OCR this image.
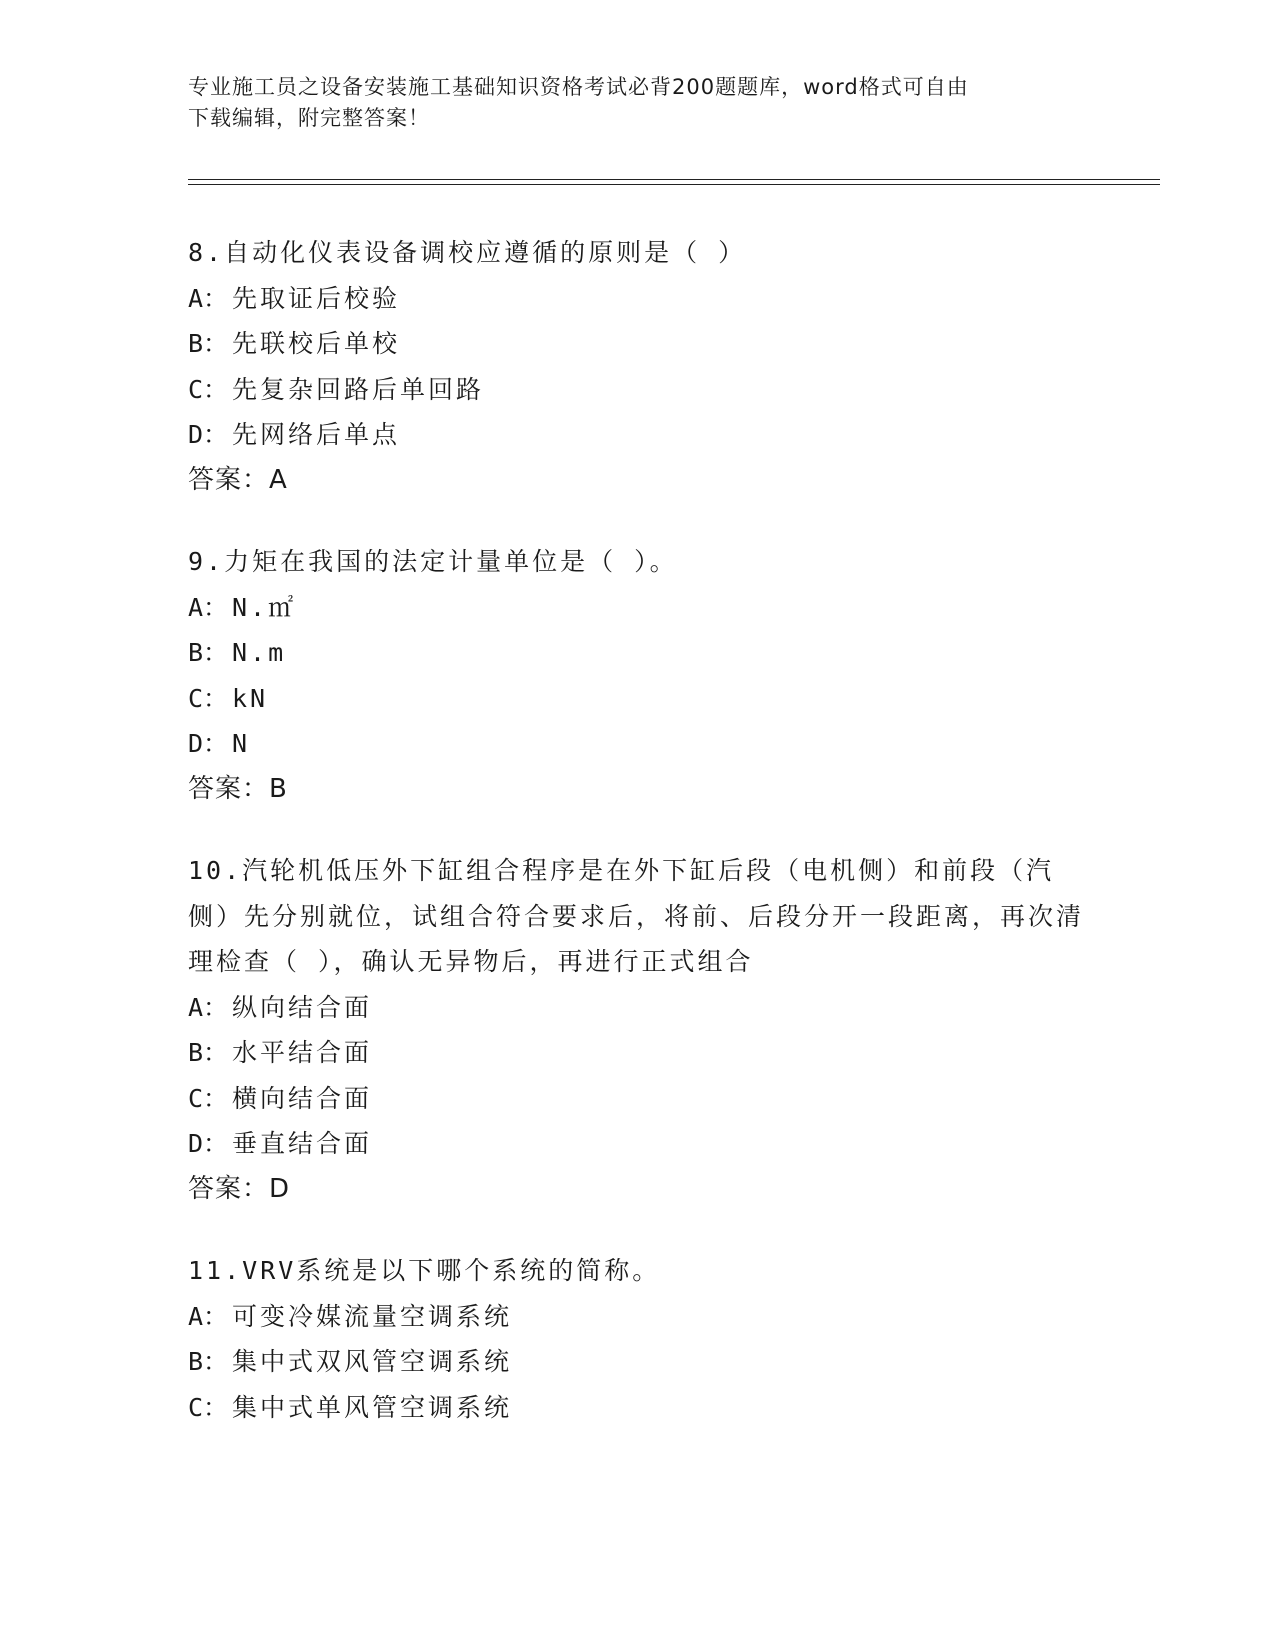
专业施工员之设备安装施工基础知识资格考试必背200题题库，word格式可自由
下载编辑，附完整答案！
8.自动化仪表设备调校应遵循的原则是（ ）
A： 先取证后校验
B： 先联校后单校
C： 先复杂回路后单回路
D： 先网络后单点
答案：A
9.力矩在我国的法定计量单位是（ ）。
A： N.㎡
B： N.m
C： kN
D： N
答案：B
10.汽轮机低压外下缸组合程序是在外下缸后段（电机侧）和前段（汽侧）先分别就位，试组合符合要求后，将前、后段分开一段距离，再次清理检查（ ），确认无异物后，再进行正式组合
A： 纵向结合面
B： 水平结合面
C： 横向结合面
D： 垂直结合面
答案：D
11.VRV系统是以下哪个系统的简称。
A： 可变冷媒流量空调系统
B： 集中式双风管空调系统
C： 集中式单风管空调系统
